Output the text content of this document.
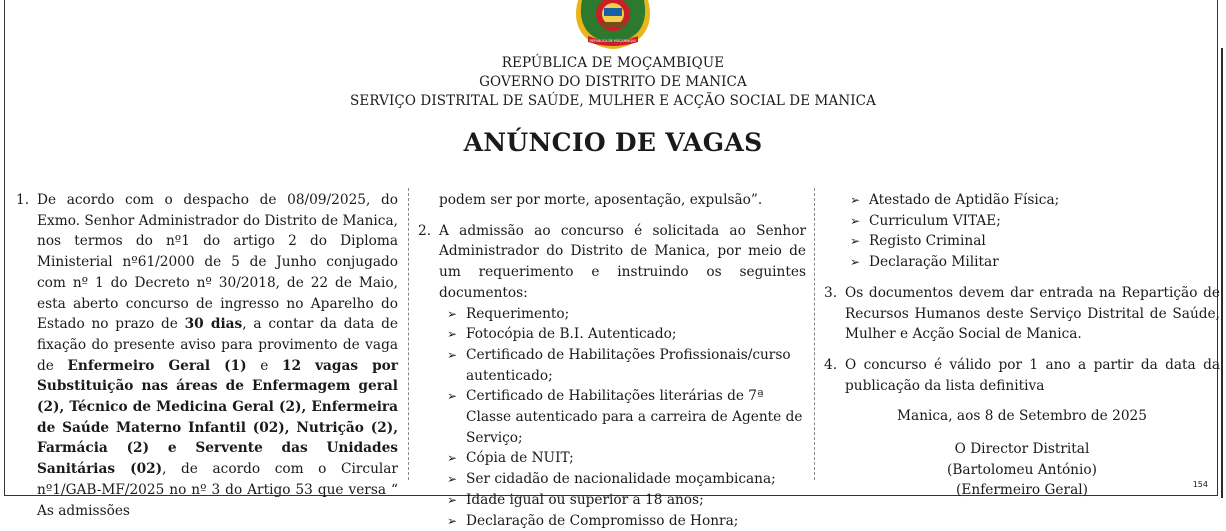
REPÚBLICA DE MOÇAMBIQUE
REPÚBLICA DE MOÇAMBIQUE
GOVERNO DO DISTRITO DE MANICA
SERVIÇO DISTRITAL DE SAÚDE, MULHER E ACÇÃO SOCIAL DE MANICA
ANÚNCIO DE VAGAS
1. De acordo com o despacho de 08/09/2025, do Exmo. Senhor Administrador do Distrito de Manica, nos termos do nº1 do artigo 2 do Diploma Ministerial nº61/2000 de 5 de Junho conjugado com nº 1 do Decreto nº 30/2018, de 22 de Maio, esta aberto concurso de ingresso no Aparelho do Estado no prazo de 30 dias, a contar da data de fixação do presente aviso para provimento de vaga de Enfermeiro Geral (1) e 12 vagas por Substituição nas áreas de Enfermagem geral (2), Técnico de Medicina Geral (2), Enfermeira de Saúde Materno Infantil (02), Nutrição (2), Farmácia (2) e Servente das Unidades Sanitárias (02), de acordo com o Circular nº1/GAB-MF/2025 no nº 3 do Artigo 53 que versa “ As admissões
podem ser por morte, aposentação, expulsão”.
2. A admissão ao concurso é solicitada ao Senhor Administrador do Distrito de Manica, por meio de um requerimento e instruindo os seguintes documentos:
➢ Requerimento;
➢ Fotocópia de B.I. Autenticado;
➢ Certificado de Habilitações Profissionais/curso autenticado;
➢ Certificado de Habilitações literárias de 7ª Classe autenticado para a carreira de Agente de Serviço;
➢ Cópia de NUIT;
➢ Ser cidadão de nacionalidade moçambicana;
➢ Idade igual ou superior a 18 anos;
➢ Declaração de Compromisso de Honra;
➢ Atestado de Aptidão Física;
➢ Curriculum VITAE;
➢ Registo Criminal
➢ Declaração Militar
3. Os documentos devem dar entrada na Repartição de Recursos Humanos deste Serviço Distrital de Saúde, Mulher e Acção Social de Manica.
4. O concurso é válido por 1 ano a partir da data da publicação da lista definitiva
Manica, aos 8 de Setembro de 2025
O Director Distrital
(Bartolomeu António)
(Enfermeiro Geral)	154
